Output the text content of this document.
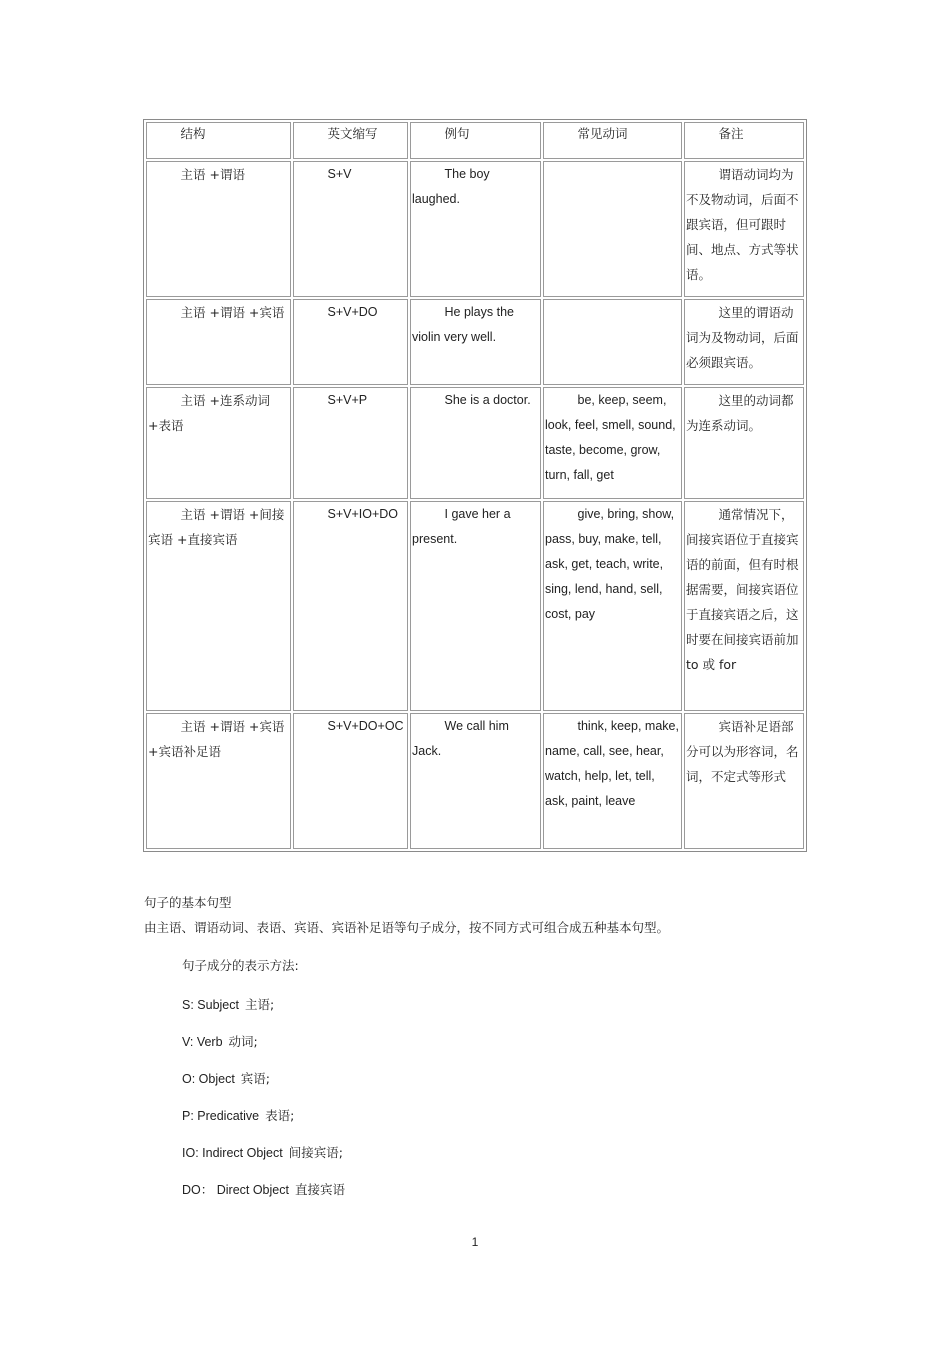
结构	英文缩写	例句	常见动词	备注
主语 +谓语	S+V	The boy laughed.		谓语动词均为不及物动词，后面不跟宾语，但可跟时间、地点、方式等状语。
主语 +谓语 +宾语	S+V+DO	He plays the violin very well.		这里的谓语动词为及物动词，后面必须跟宾语。
主语 +连系动词 +表语	S+V+P	She is a doctor.	be, keep, seem, look, feel, smell, sound, taste, become, grow, turn, fall, get	这里的动词都为连系动词。
主语 +谓语 +间接宾语 +直接宾语	S+V+IO+DO	I gave her a present.	give, bring, show, pass, buy, make, tell, ask, get, teach, write, sing, lend, hand, sell, cost, pay	通常情况下，间接宾语位于直接宾语的前面，但有时根据需要，间接宾语位于直接宾语之后，这时要在间接宾语前加 to 或 for
主语 +谓语 +宾语 +宾语补足语	S+V+DO+OC	We call him Jack.	think, keep, make, name, call, see, hear, watch, help, let, tell, ask, paint, leave	宾语补足语部分可以为形容词，名词，不定式等形式
句子的基本句型
由主语、谓语动词、表语、宾语、宾语补足语等句子成分，按不同方式可组合成五种基本句型。
句子成分的表示方法:
S: Subject 主语;
V: Verb 动词;
O: Object 宾语;
P: Predicative 表语;
IO: Indirect Object 间接宾语;
DO： Direct Object 直接宾语
1
